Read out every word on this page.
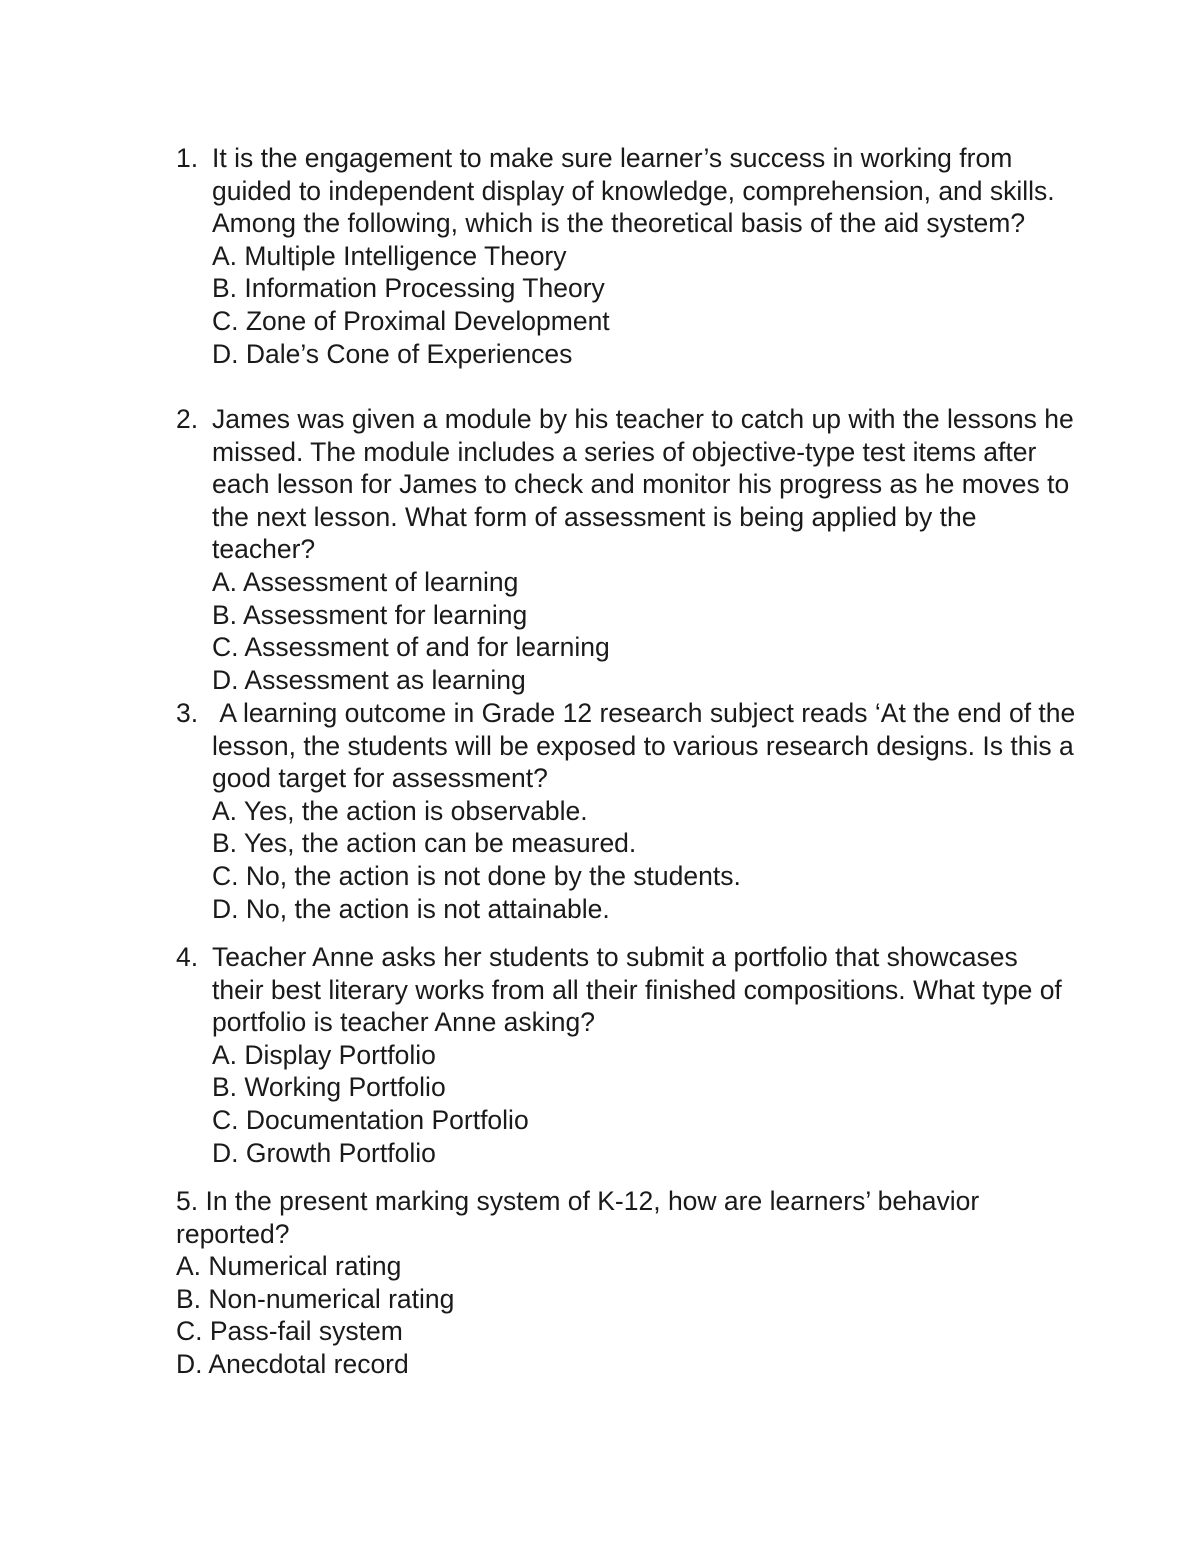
1. It is the engagement to make sure learner’s success in working from guided to independent display of knowledge, comprehension, and skills. Among the following, which is the theoretical basis of the aid system?
A. Multiple Intelligence Theory
B. Information Processing Theory
C. Zone of Proximal Development
D. Dale’s Cone of Experiences
2. James was given a module by his teacher to catch up with the lessons he missed. The module includes a series of objective-type test items after each lesson for James to check and monitor his progress as he moves to the next lesson. What form of assessment is being applied by the teacher?
A. Assessment of learning
B. Assessment for learning
C. Assessment of and for learning
D. Assessment as learning
3. A learning outcome in Grade 12 research subject reads ‘At the end of the lesson, the students will be exposed to various research designs. Is this a good target for assessment?
A. Yes, the action is observable.
B. Yes, the action can be measured.
C. No, the action is not done by the students.
D. No, the action is not attainable.
4. Teacher Anne asks her students to submit a portfolio that showcases their best literary works from all their finished compositions. What type of portfolio is teacher Anne asking?
A. Display Portfolio
B. Working Portfolio
C. Documentation Portfolio
D. Growth Portfolio
5. In the present marking system of K-12, how are learners’ behavior reported?
A. Numerical rating
B. Non-numerical rating
C. Pass-fail system
D. Anecdotal record
